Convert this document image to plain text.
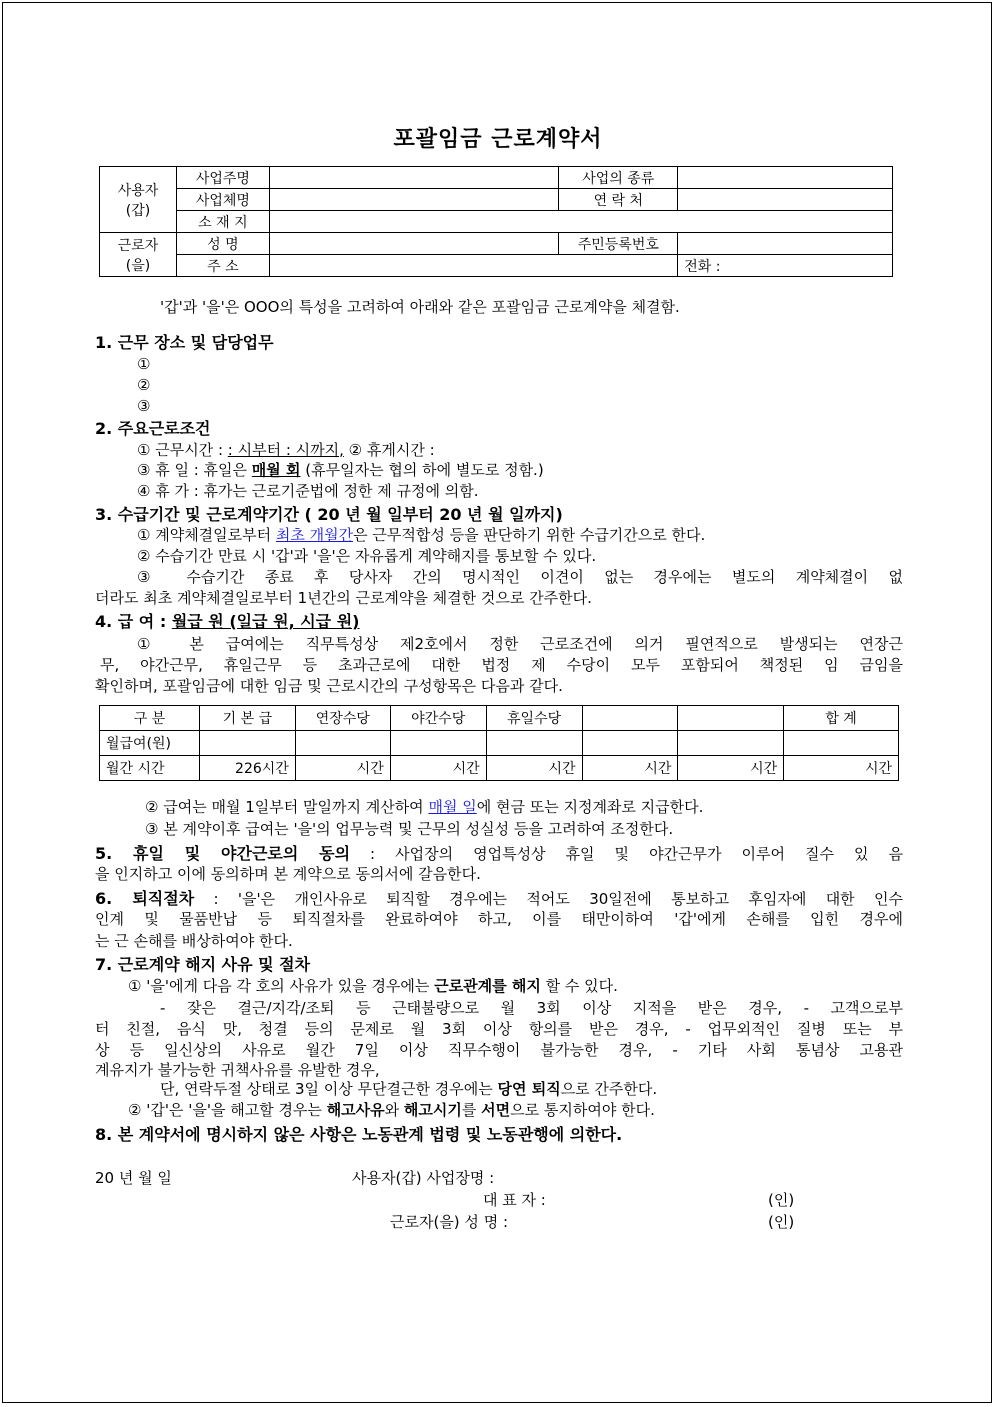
포괄임금 근로계약서
사용자
(갑)	사업주명		사업의 종류	
	사업체명		연 락 처	
	소 재 지			

근로자
(을)	성 명		주민등록번호	
	주 소			전화 :
'갑'과 '을'은 OOO의 특성을 고려하여 아래와 같은 포괄임금 근로계약을 체결함.
1. 근무 장소 및 담당업무
①
②
③
2. 주요근로조건
① 근무시간 : : 시부터 : 시까지, ② 휴게시간 :
③ 휴 일 : 휴일은 매월 회 (휴무일자는 협의 하에 별도로 정함.)
④ 휴 가 : 휴가는 근로기준법에 정한 제 규정에 의함.
3. 수급기간 및 근로계약기간 ( 20 년 월 일부터 20 년 월 일까지)
① 계약체결일로부터 최초 개월간은 근무적합성 등을 판단하기 위한 수급기간으로 한다.
② 수습기간 만료 시 '갑'과 '을'은 자유롭게 계약해지를 통보할 수 있다.
③ 수습기간 종료 후 당사자 간의 명시적인 이견이 없는 경우에는 별도의 계약체결이 없
더라도 최초 계약체결일로부터 1년간의 근로계약을 체결한 것으로 간주한다.
4. 급 여 : 월급 원 (일급 원, 시급 원)
① 본 급여에는 직무특성상 제2호에서 정한 근로조건에 의거 필연적으로 발생되는 연장근
무, 야간근무, 휴일근무 등 초과근로에 대한 법정 제 수당이 모두 포함되어 책정된 임 금임을
확인하며, 포괄임금에 대한 임금 및 근로시간의 구성항목은 다음과 같다.
구 분	기 본 급	연장수당	야간수당	휴일수당			합 계
월급여(원)							
월간 시간	226시간	시간	시간	시간	시간	시간	시간
② 급여는 매월 1일부터 말일까지 계산하여 매월 일에 현금 또는 지정계좌로 지급한다.
③ 본 계약이후 급여는 '을'의 업무능력 및 근무의 성실성 등을 고려하여 조정한다.
5. 휴일 및 야간근로의 동의 : 사업장의 영업특성상 휴일 및 야간근무가 이루어 질수 있 음
을 인지하고 이에 동의하며 본 계약으로 동의서에 갈음한다.
6. 퇴직절차 : '을'은 개인사유로 퇴직할 경우에는 적어도 30일전에 통보하고 후임자에 대한 인수
인계 및 물품반납 등 퇴직절차를 완료하여야 하고, 이를 태만이하여 '갑'에게 손해를 입힌 경우에
는 근 손해를 배상하여야 한다.
7. 근로계약 해지 사유 및 절차
① '을'에게 다음 각 호의 사유가 있을 경우에는 근로관계를 해지 할 수 있다.
- 잦은 결근/지각/조퇴 등 근태불량으로 월 3회 이상 지적을 받은 경우, - 고객으로부
터 친절, 음식 맛, 청결 등의 문제로 월 3회 이상 항의를 받은 경우, - 업무외적인 질병 또는 부
상 등 일신상의 사유로 월간 7일 이상 직무수행이 불가능한 경우, - 기타 사회 통념상 고용관
계유지가 불가능한 귀책사유를 유발한 경우,
단, 연락두절 상태로 3일 이상 무단결근한 경우에는 당연 퇴직으로 간주한다.
② '갑'은 '을'을 해고할 경우는 해고사유와 해고시기를 서면으로 통지하여야 한다.
8. 본 계약서에 명시하지 않은 사항은 노동관계 법령 및 노동관행에 의한다.
20 년 월 일	사용자(갑) 사업장명 :
대 표 자 :	(인)
근로자(을) 성 명 :	(인)
